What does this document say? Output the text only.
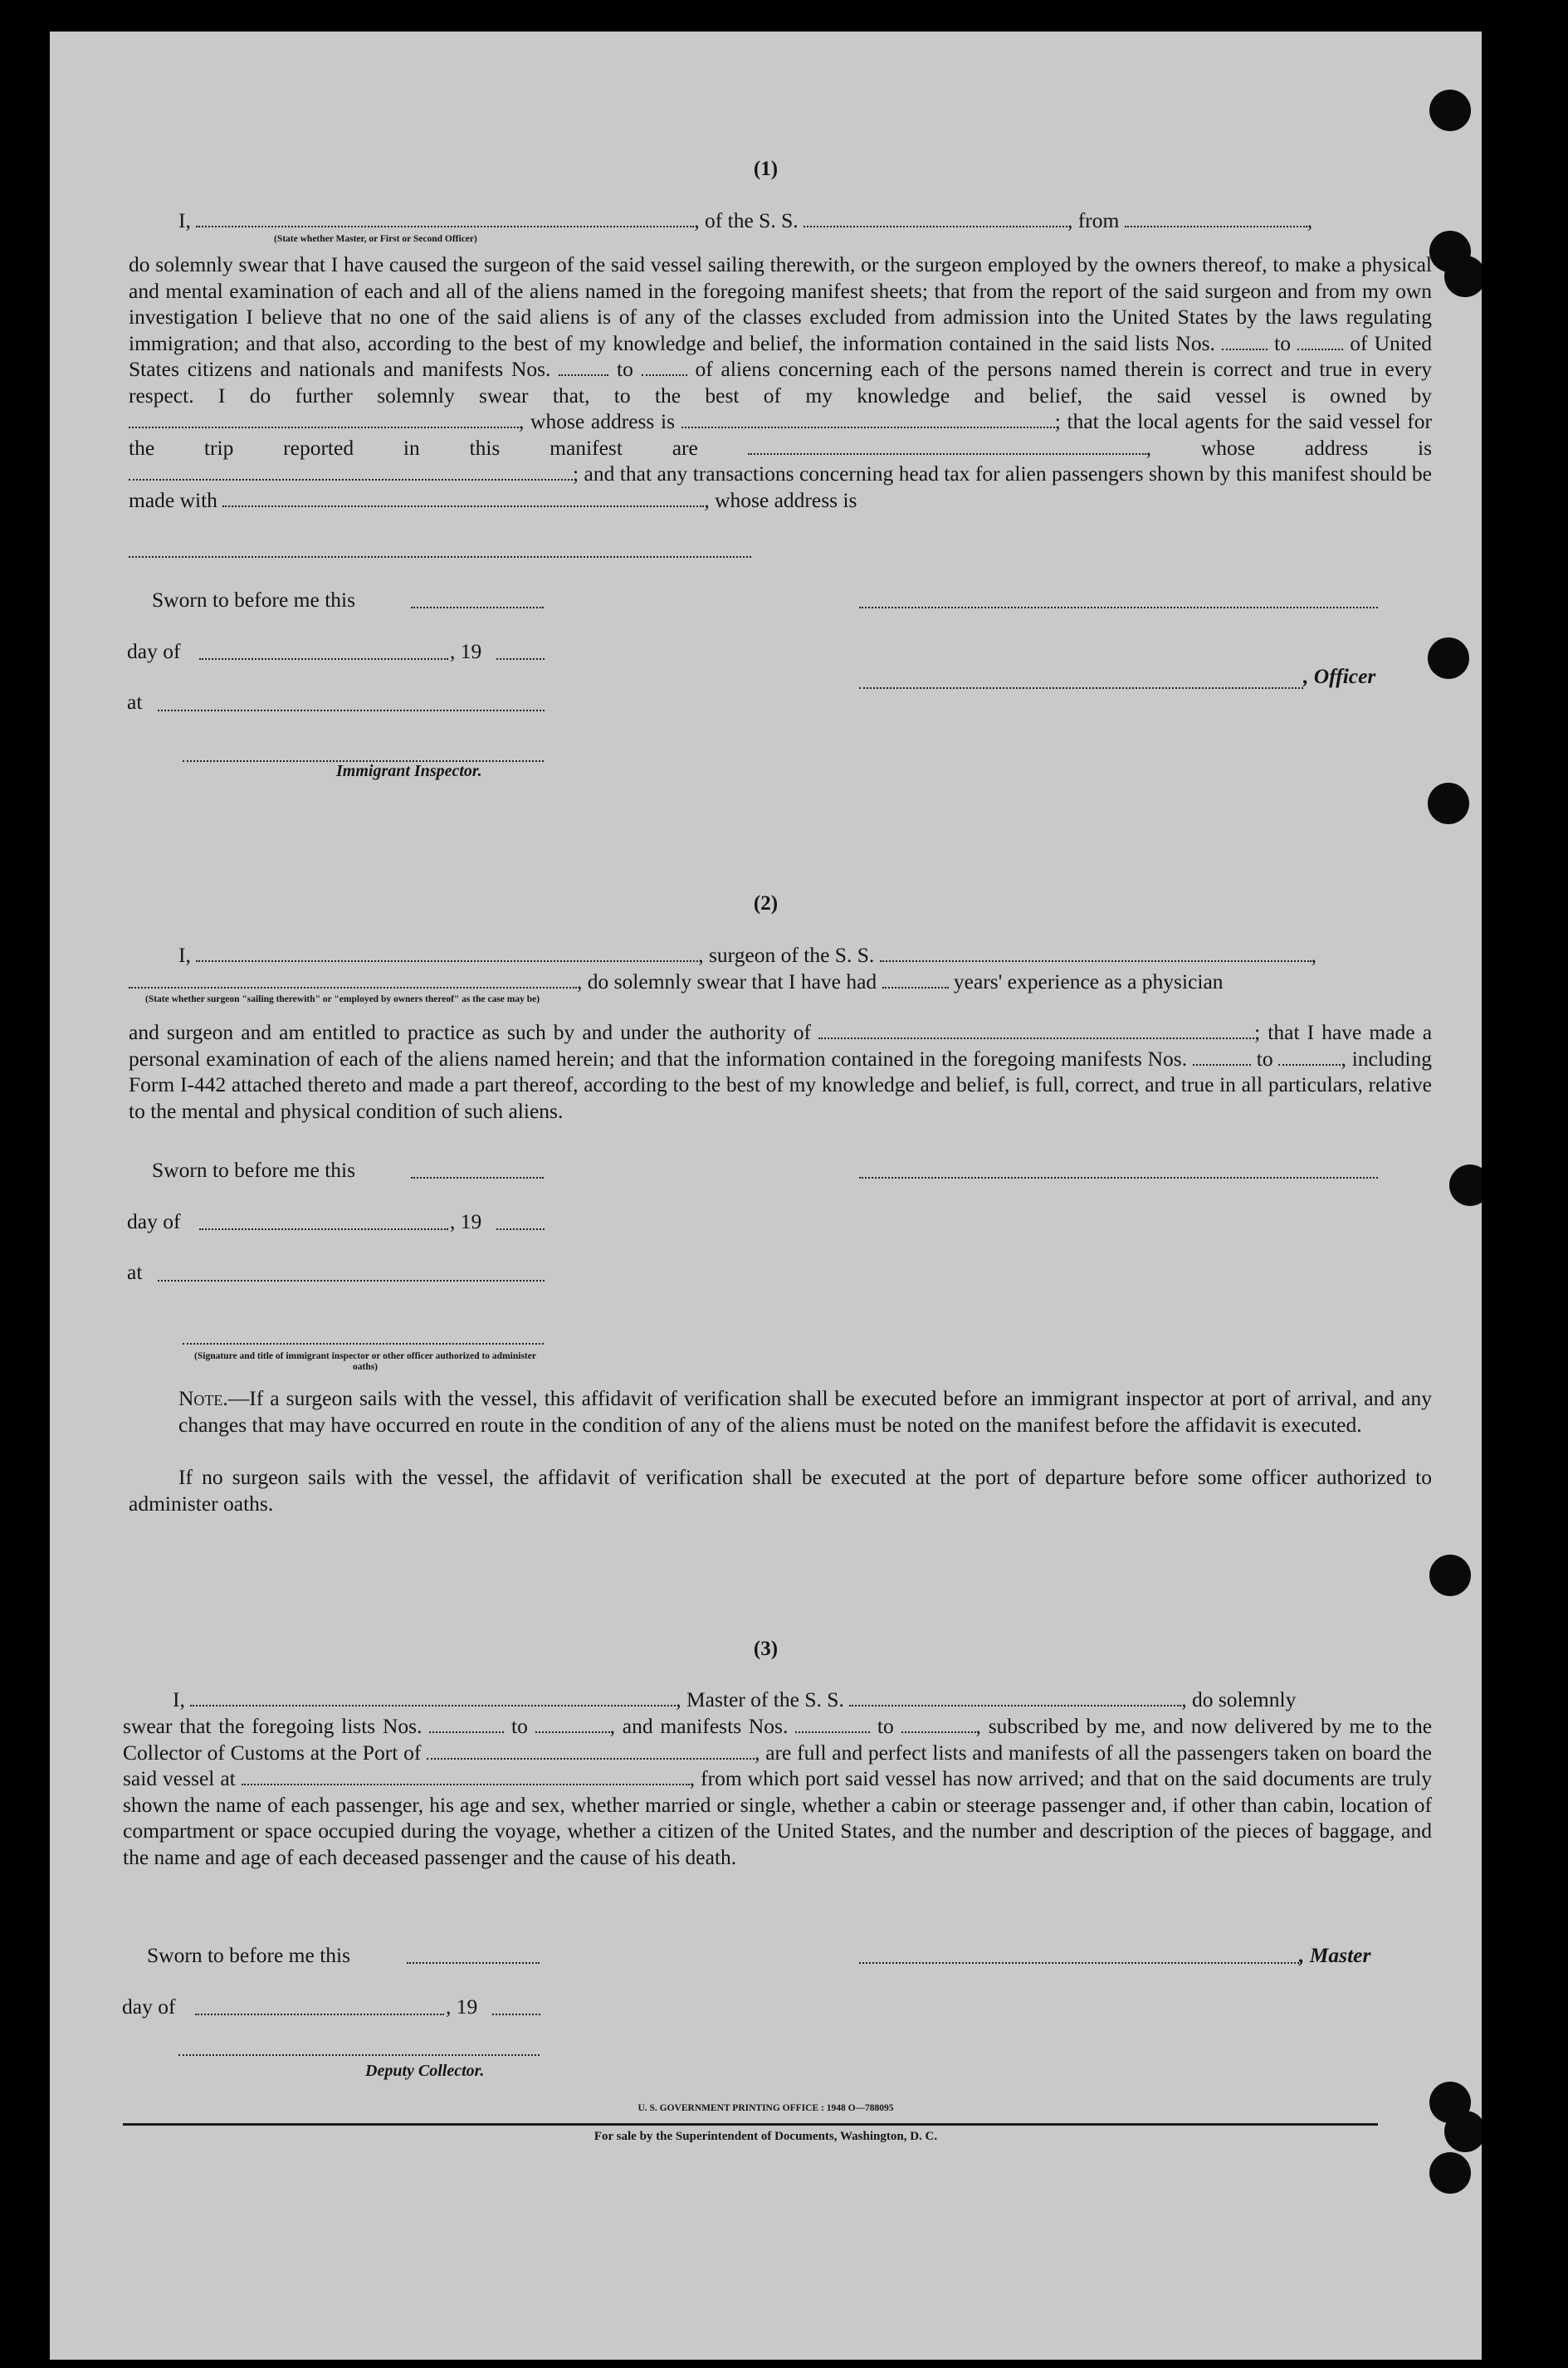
(1)
I,	, of the S. S.	, from	,
(State whether Master, or First or Second Officer)

do solemnly swear that I have caused the surgeon of the said vessel sailing therewith, or the surgeon employed by the owners thereof, to make a physical and mental examination of each and all of the aliens named in the foregoing manifest sheets; that from the report of the said surgeon and from my own investigation I believe that no one of the said aliens is of any of the classes excluded from admission into the United States by the laws regulating immigration; and that also, according to the best of my knowledge and belief, the information contained in the said lists Nos.	to	of United States citizens and nationals and manifests Nos.	to	of aliens concerning each of the persons named therein is correct and true in every respect. I do further solemnly swear that, to the best of my knowledge and belief, the said vessel is owned by , whose address is	; that the local agents for the said vessel for the trip reported in this manifest are	, whose address is ; and that any transactions concerning head tax for alien passengers shown by this manifest should be made with	, whose address is

Sworn to before me this
day of	, 19
, Officer
at
Immigrant Inspector.
(2)
I,	, surgeon of the S. S.	,
, do solemnly swear that I have had	years' experience as a physician
(State whether surgeon "sailing therewith" or "employed by owners thereof" as the case may be)

and surgeon and am entitled to practice as such by and under the authority of	; that I have made a personal examination of each of the aliens named herein; and that the information contained in the foregoing manifests Nos.	to	, including Form I-442 attached thereto and made a part thereof, according to the best of my knowledge and belief, is full, correct, and true in all particulars, relative to the mental and physical condition of such aliens.

Sworn to before me this
day of	, 19
at
(Signature and title of immigrant inspector or other officer authorized to administer oaths)

Note.—If a surgeon sails with the vessel, this affidavit of verification shall be executed before an immigrant inspector at port of arrival, and any changes that may have occurred en route in the condition of any of the aliens must be noted on the manifest before the affidavit is executed.

If no surgeon sails with the vessel, the affidavit of verification shall be executed at the port of departure before some officer authorized to administer oaths.

(3)
I,	, Master of the S. S.	, do solemnly

swear that the foregoing lists Nos.	to	, and manifests Nos.	to	, subscribed by me, and now delivered by me to the Collector of Customs at the Port of	, are full and perfect lists and manifests of all the passengers taken on board the said vessel at	, from which port said vessel has now arrived; and that on the said documents are truly shown the name of each passenger, his age and sex, whether married or single, whether a cabin or steerage passenger and, if other than cabin, location of compartment or space occupied during the voyage, whether a citizen of the United States, and the number and description of the pieces of baggage, and the name and age of each deceased passenger and the cause of his death.

Sworn to before me this	, Master
day of	, 19
Deputy Collector.
U. S. GOVERNMENT PRINTING OFFICE : 1948 O—788095
For sale by the Superintendent of Documents, Washington, D. C.
